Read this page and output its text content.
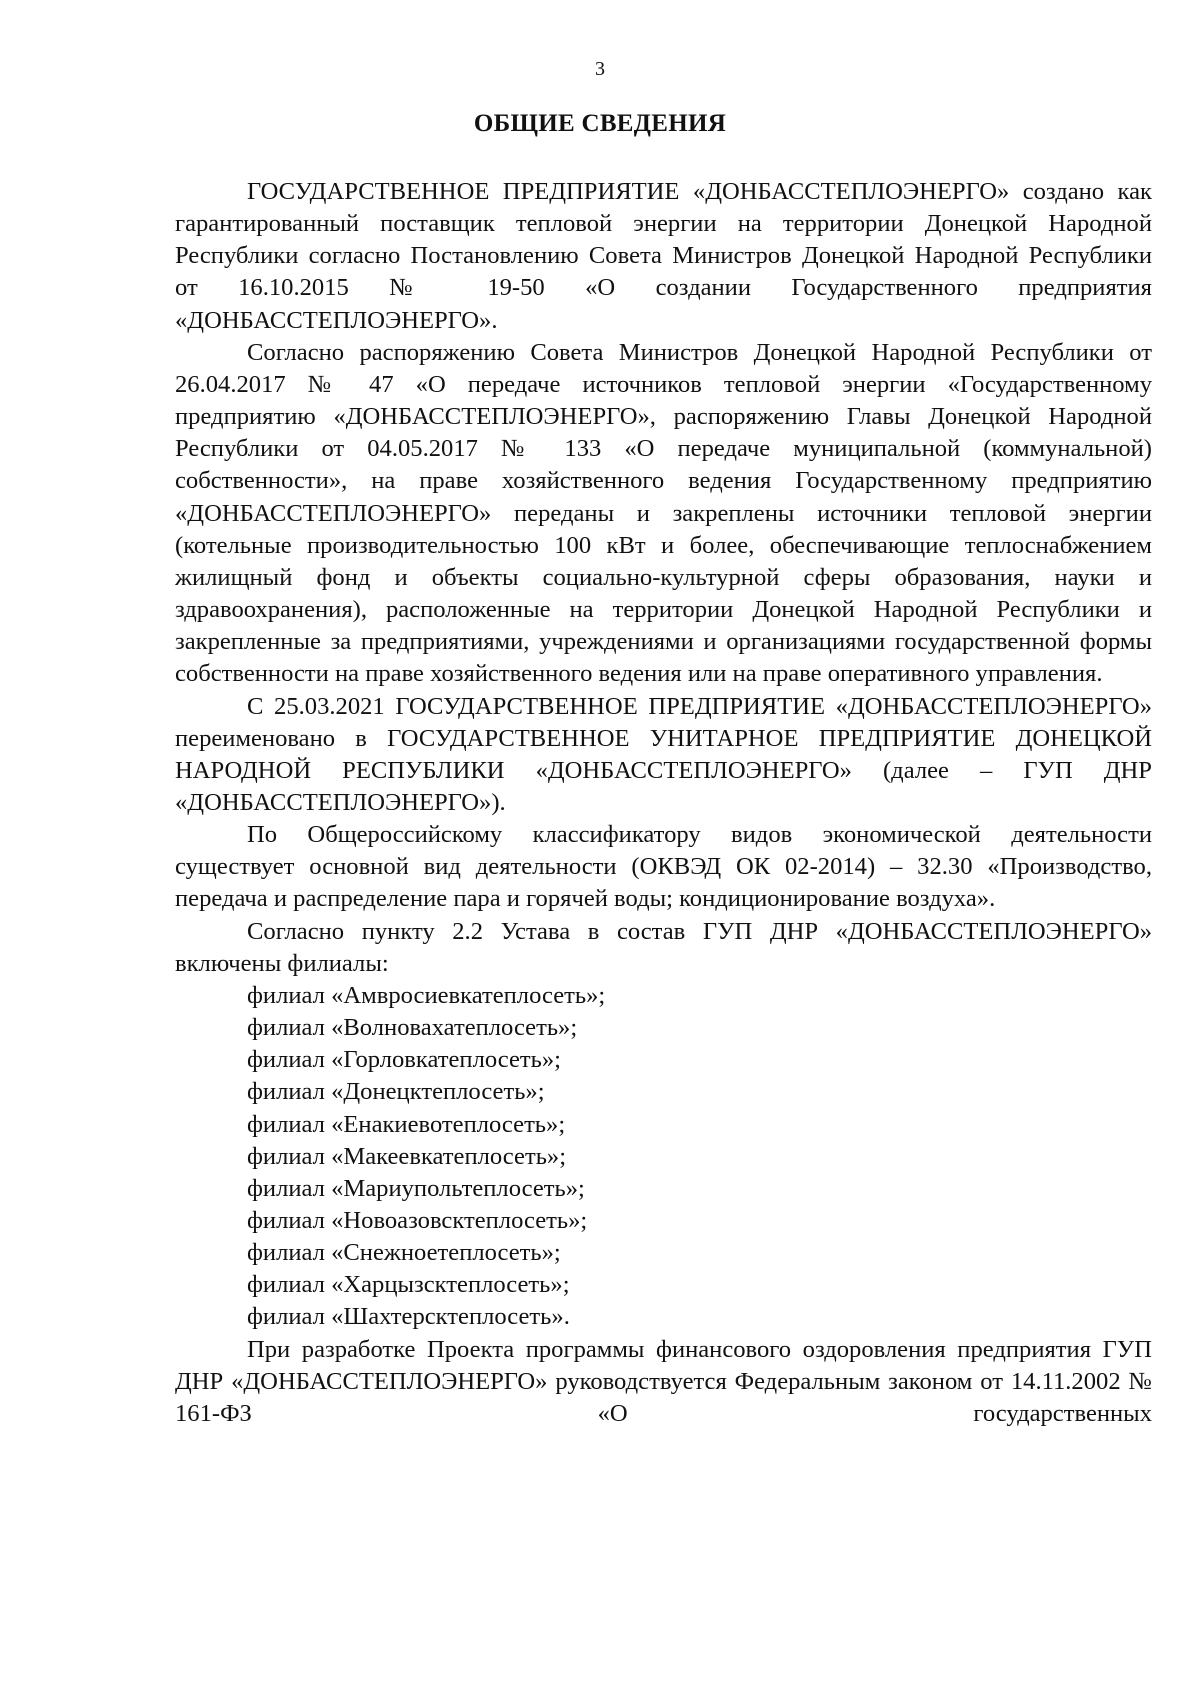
3
ОБЩИЕ СВЕДЕНИЯ

ГОСУДАРСТВЕННОЕ ПРЕДПРИЯТИЕ «ДОНБАССТЕПЛОЭНЕРГО» создано как гарантированный поставщик тепловой энергии на территории Донецкой Народной Республики согласно Постановлению Совета Министров Донецкой Народной Республики от 16.10.2015 № 19-50 «О создании Государственного предприятия «ДОНБАССТЕПЛОЭНЕРГО».

Согласно распоряжению Совета Министров Донецкой Народной Республики от 26.04.2017 № 47 «О передаче источников тепловой энергии «Государственному предприятию «ДОНБАССТЕПЛОЭНЕРГО», распоряжению Главы Донецкой Народной Республики от 04.05.2017 № 133 «О передаче муниципальной (коммунальной) собственности», на праве хозяйственного ведения Государственному предприятию «ДОНБАССТЕПЛОЭНЕРГО» переданы и закреплены источники тепловой энергии (котельные производительностью 100 кВт и более, обеспечивающие теплоснабжением жилищный фонд и объекты социально-культурной сферы образования, науки и здравоохранения), расположенные на территории Донецкой Народной Республики и закрепленные за предприятиями, учреждениями и организациями государственной формы собственности на праве хозяйственного ведения или на праве оперативного управления.

С 25.03.2021 ГОСУДАРСТВЕННОЕ ПРЕДПРИЯТИЕ «ДОНБАССТЕПЛОЭНЕРГО» переименовано в ГОСУДАРСТВЕННОЕ УНИТАРНОЕ ПРЕДПРИЯТИЕ ДОНЕЦКОЙ НАРОДНОЙ РЕСПУБЛИКИ «ДОНБАССТЕПЛОЭНЕРГО» (далее – ГУП ДНР «ДОНБАССТЕПЛОЭНЕРГО»).

По Общероссийскому классификатору видов экономической деятельности существует основной вид деятельности (ОКВЭД ОК 02-2014) – 32.30 «Производство, передача и распределение пара и горячей воды; кондиционирование воздуха».

Согласно пункту 2.2 Устава в состав ГУП ДНР «ДОНБАССТЕПЛОЭНЕРГО» включены филиалы:

филиал «Амвросиевкатеплосеть»;
филиал «Волновахатеплосеть»;
филиал «Горловкатеплосеть»;
филиал «Донецктеплосеть»;
филиал «Енакиевотеплосеть»;
филиал «Макеевкатеплосеть»;
филиал «Мариупольтеплосеть»;
филиал «Новоазовсктеплосеть»;
филиал «Снежноетеплосеть»;
филиал «Харцызсктеплосеть»;
филиал «Шахтерсктеплосеть».

При разработке Проекта программы финансового оздоровления предприятия ГУП ДНР «ДОНБАССТЕПЛОЭНЕРГО» руководствуется Федеральным законом от 14.11.2002 № 161-ФЗ «О государственных
